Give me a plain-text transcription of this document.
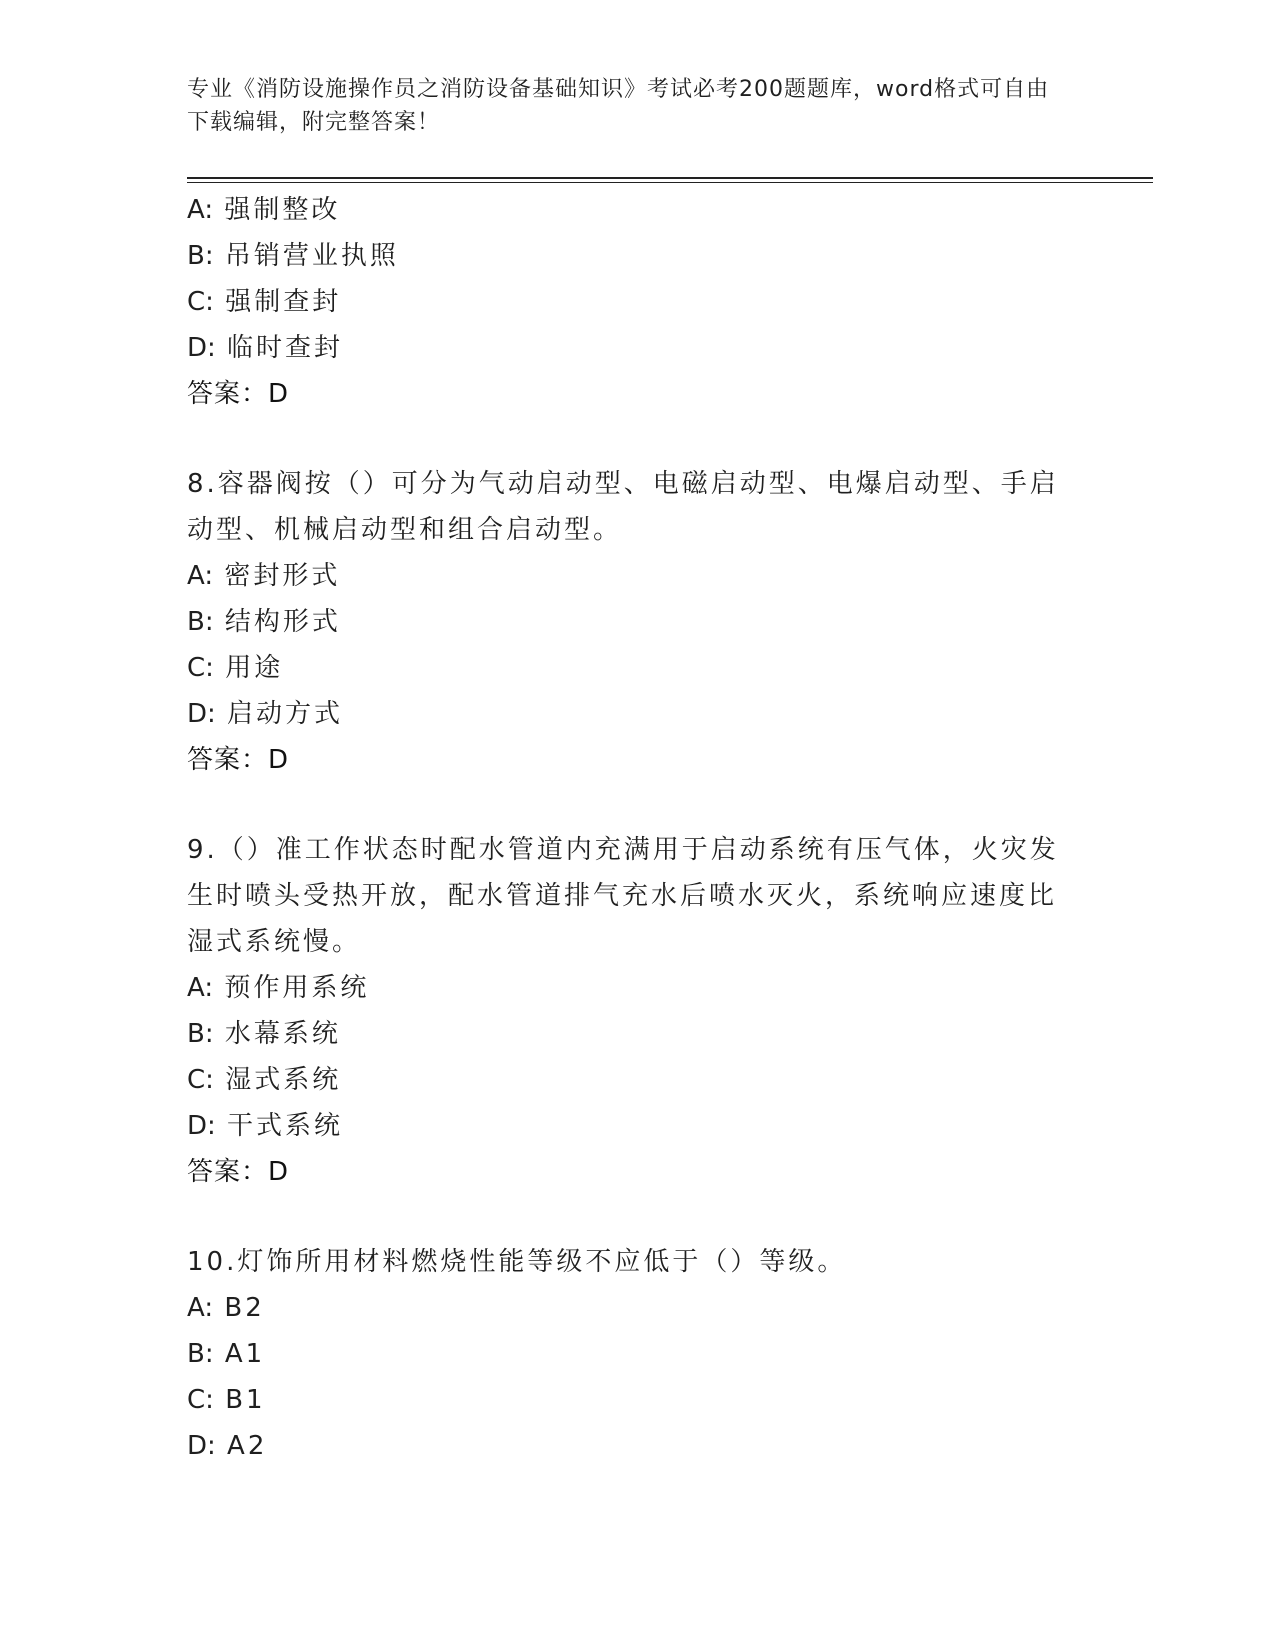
专业《消防设施操作员之消防设备基础知识》考试必考200题题库，word格式可自由下载编辑，附完整答案！
A: 强制整改
B: 吊销营业执照
C: 强制查封
D: 临时查封
答案：D
8.容器阀按（）可分为气动启动型、电磁启动型、电爆启动型、手启动型、机械启动型和组合启动型。
A: 密封形式
B: 结构形式
C: 用途
D: 启动方式
答案：D
9.（）准工作状态时配水管道内充满用于启动系统有压气体，火灾发生时喷头受热开放，配水管道排气充水后喷水灭火，系统响应速度比湿式系统慢。
A: 预作用系统
B: 水幕系统
C: 湿式系统
D: 干式系统
答案：D
10.灯饰所用材料燃烧性能等级不应低于（）等级。
A: B2
B: A1
C: B1
D: A2
